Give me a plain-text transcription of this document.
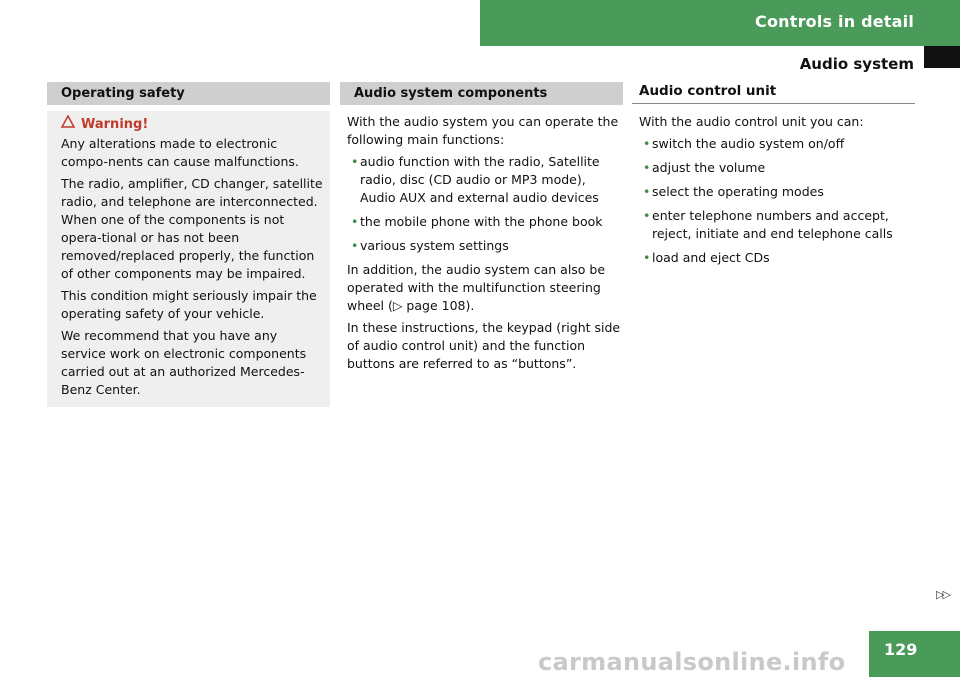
Controls in detail
Audio system
Operating safety
Warning!

Any alterations made to electronic compo-nents can cause malfunctions.

The radio, amplifier, CD changer, satellite radio, and telephone are interconnected. When one of the components is not opera-tional or has not been removed/replaced properly, the function of other components may be impaired.

This condition might seriously impair the operating safety of your vehicle.

We recommend that you have any service work on electronic components carried out at an authorized Mercedes-Benz Center.

Audio system components

With the audio system you can operate the following main functions:

• audio function with the radio, Satellite radio, disc (CD audio or MP3 mode), Audio AUX and external audio devices
• the mobile phone with the phone book
• various system settings

In addition, the audio system can also be operated with the multifunction steering wheel (▷ page 108).

In these instructions, the keypad (right side of audio control unit) and the function buttons are referred to as “buttons”.

Audio control unit

With the audio control unit you can:

• switch the audio system on/off
• adjust the volume
• select the operating modes
• enter telephone numbers and accept, reject, initiate and end telephone calls
• load and eject CDs
▷▷
carmanualsonline.info 129
